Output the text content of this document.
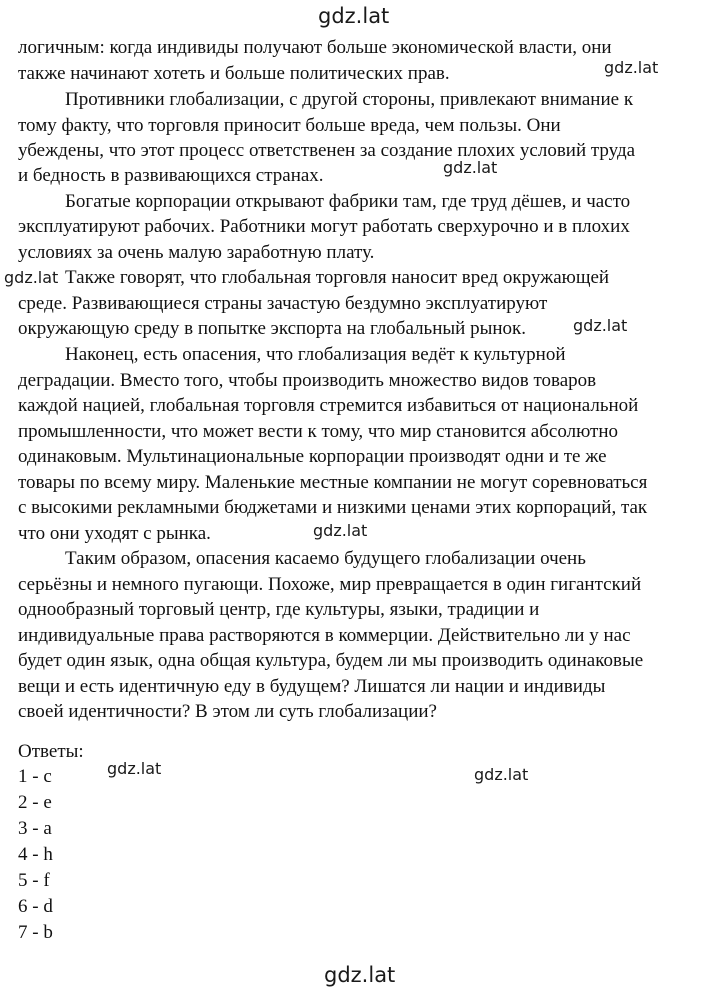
gdz.lat
gdz.lat
gdz.lat
gdz.lat
gdz.lat
gdz.lat
gdz.lat	gdz.lat
gdz.lat
логичным: когда индивиды получают больше экономической власти, они
также начинают хотеть и больше политических прав.
Противники глобализации, с другой стороны, привлекают внимание к
тому факту, что торговля приносит больше вреда, чем пользы. Они
убеждены, что этот процесс ответственен за создание плохих условий труда
и бедность в развивающихся странах.
Богатые корпорации открывают фабрики там, где труд дёшев, и часто
эксплуатируют рабочих. Работники могут работать сверхурочно и в плохих
условиях за очень малую заработную плату.
Также говорят, что глобальная торговля наносит вред окружающей
среде. Развивающиеся страны зачастую бездумно эксплуатируют
окружающую среду в попытке экспорта на глобальный рынок.
Наконец, есть опасения, что глобализация ведёт к культурной
деградации. Вместо того, чтобы производить множество видов товаров
каждой нацией, глобальная торговля стремится избавиться от национальной
промышленности, что может вести к тому, что мир становится абсолютно
одинаковым. Мультинациональные корпорации производят одни и те же
товары по всему миру. Маленькие местные компании не могут соревноваться
с высокими рекламными бюджетами и низкими ценами этих корпораций, так
что они уходят с рынка.
Таким образом, опасения касаемо будущего глобализации очень
серьёзны и немного пугающи. Похоже, мир превращается в один гигантский
однообразный торговый центр, где культуры, языки, традиции и
индивидуальные права растворяются в коммерции. Действительно ли у нас
будет один язык, одна общая культура, будем ли мы производить одинаковые
вещи и есть идентичную еду в будущем? Лишатся ли нации и индивиды
своей идентичности? В этом ли суть глобализации?
Ответы:
1 - c
2 - e
3 - a
4 - h
5 - f
6 - d
7 - b
